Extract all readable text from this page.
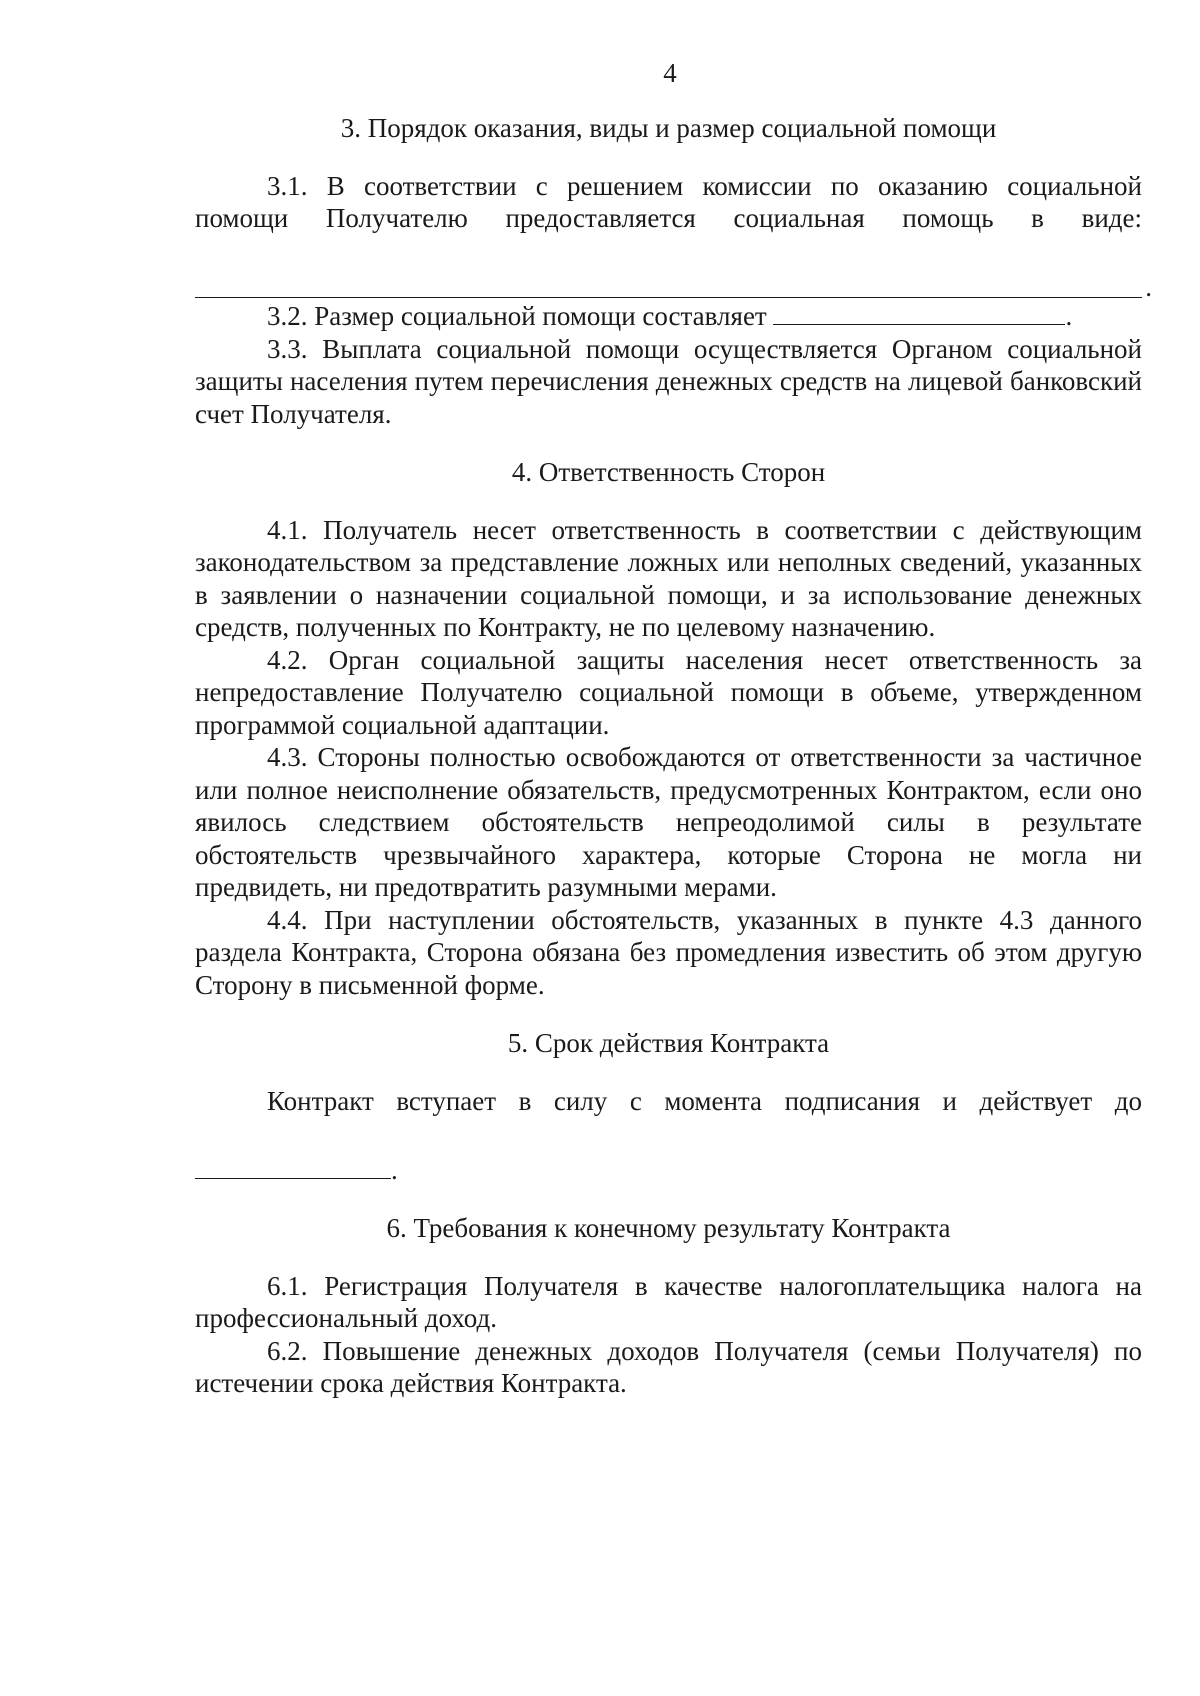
4

3. Порядок оказания, виды и размер социальной помощи

3.1. В соответствии с решением комиссии по оказанию социальной помощи Получателю предоставляется социальная помощь в виде:

.

3.2. Размер социальной помощи составляет	.

3.3. Выплата социальной помощи осуществляется Органом социальной защиты населения путем перечисления денежных средств на лицевой банковский счет Получателя.

4. Ответственность Сторон

4.1. Получатель несет ответственность в соответствии с действующим законодательством за представление ложных или неполных сведений, указанных в заявлении о назначении социальной помощи, и за использование денежных средств, полученных по Контракту, не по целевому назначению.

4.2. Орган социальной защиты населения несет ответственность за непредоставление Получателю социальной помощи в объеме, утвержденном программой социальной адаптации.

4.3. Стороны полностью освобождаются от ответственности за частичное или полное неисполнение обязательств, предусмотренных Контрактом, если оно явилось следствием обстоятельств непреодолимой силы в результате обстоятельств чрезвычайного характера, которые Сторона не могла ни предвидеть, ни предотвратить разумными мерами.

4.4. При наступлении обстоятельств, указанных в пункте 4.3 данного раздела Контракта, Сторона обязана без промедления известить об этом другую Сторону в письменной форме.

5. Срок действия Контракта

Контракт вступает в силу с момента подписания и действует до

.

6. Требования к конечному результату Контракта

6.1. Регистрация Получателя в качестве налогоплательщика налога на профессиональный доход.

6.2. Повышение денежных доходов Получателя (семьи Получателя) по истечении срока действия Контракта.
